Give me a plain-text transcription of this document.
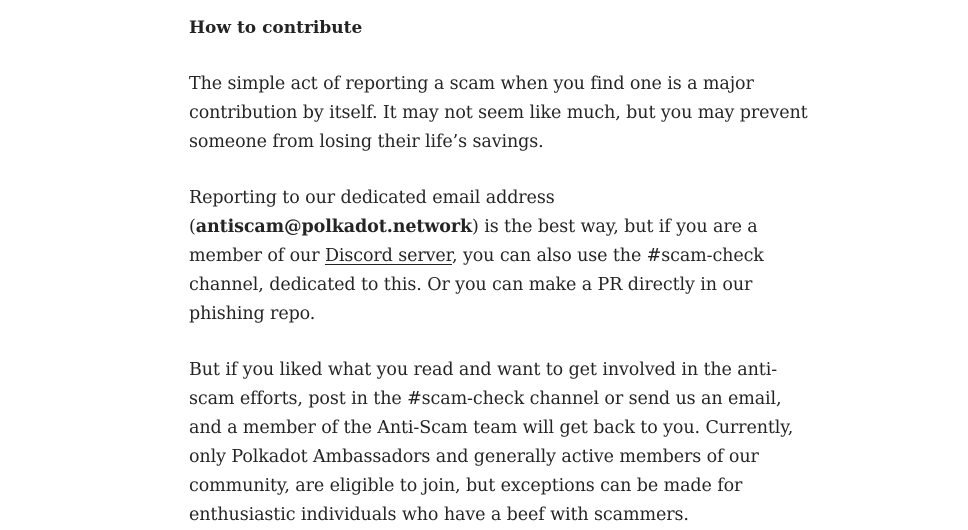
How to contribute

The simple act of reporting a scam when you find one is a major contribution by itself. It may not seem like much, but you may prevent someone from losing their life’s savings.

Reporting to our dedicated email address (antiscam@polkadot.network) is the best way, but if you are a member of our Discord server, you can also use the #scam-check channel, dedicated to this. Or you can make a PR directly in our phishing repo.

But if you liked what you read and want to get involved in the anti-scam efforts, post in the #scam-check channel or send us an email, and a member of the Anti-Scam team will get back to you. Currently, only Polkadot Ambassadors and generally active members of our community, are eligible to join, but exceptions can be made for enthusiastic individuals who have a beef with scammers.
